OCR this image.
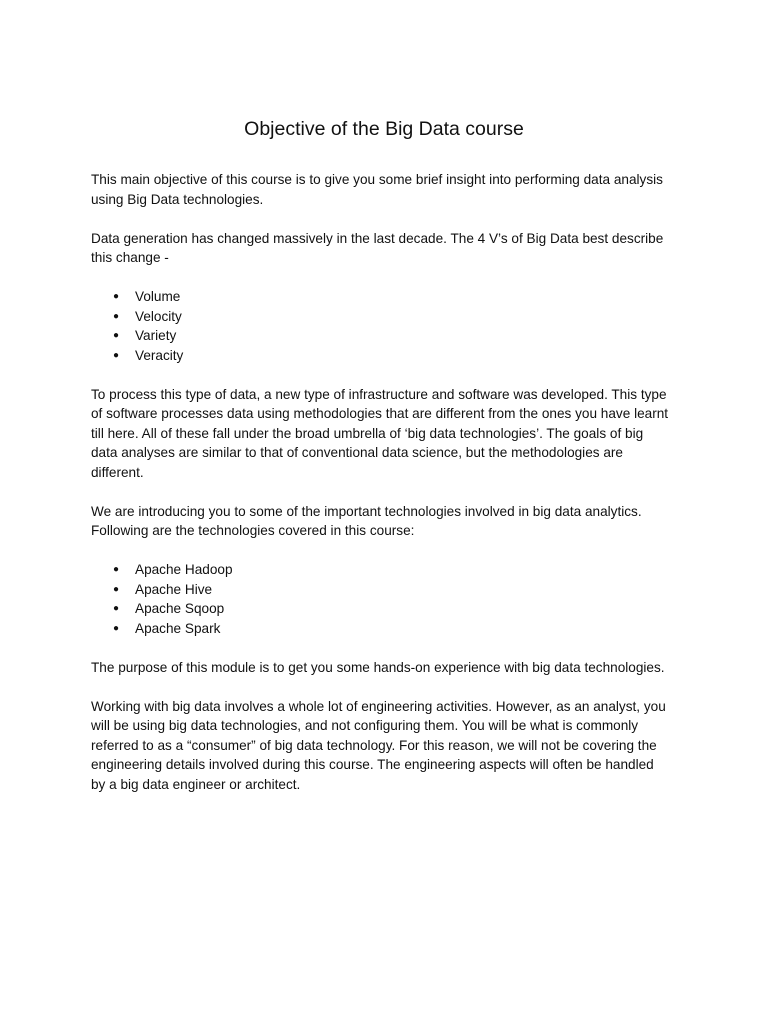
Objective of the Big Data course

This main objective of this course is to give you some brief insight into performing data analysis
using Big Data technologies.

Data generation has changed massively in the last decade. The 4 V’s of Big Data best describe
this change -

● Volume
● Velocity
● Variety
● Veracity

To process this type of data, a new type of infrastructure and software was developed. This type
of software processes data using methodologies that are different from the ones you have learnt
till here. All of these fall under the broad umbrella of ‘big data technologies’. The goals of big
data analyses are similar to that of conventional data science, but the methodologies are
different.

We are introducing you to some of the important technologies involved in big data analytics.
Following are the technologies covered in this course:

● Apache Hadoop
● Apache Hive
● Apache Sqoop
● Apache Spark

The purpose of this module is to get you some hands-on experience with big data technologies.

Working with big data involves a whole lot of engineering activities. However, as an analyst, you
will be using big data technologies, and not configuring them. You will be what is commonly
referred to as a “consumer” of big data technology. For this reason, we will not be covering the
engineering details involved during this course. The engineering aspects will often be handled
by a big data engineer or architect.
